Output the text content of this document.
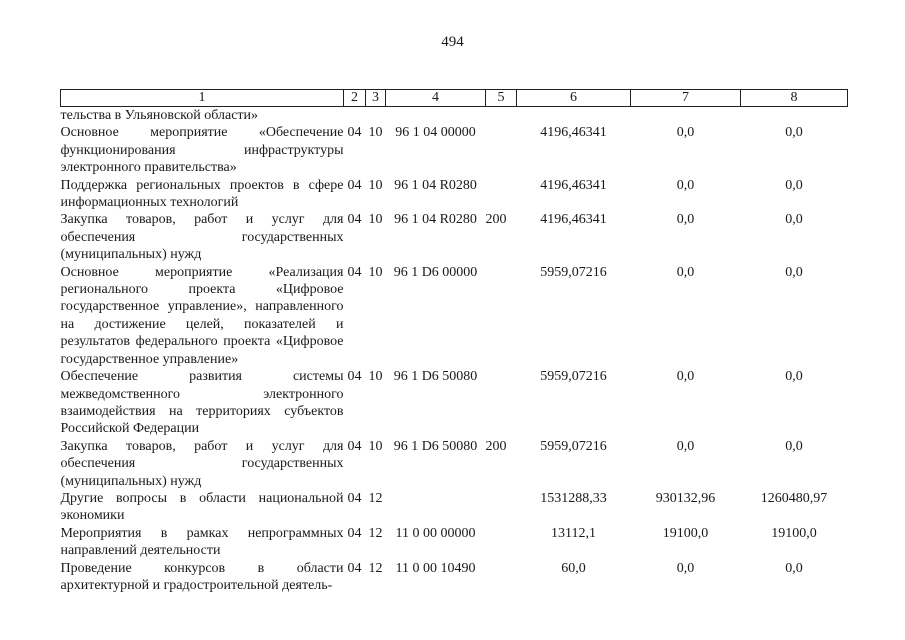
494
1	2	3	4	5	6	7	8
тельства в Ульяновской области»							
Основное мероприятие «Обеспечение функционирования инфраструктуры электронного правительства»	04	10	96 1 04 00000		4196,46341	0,0	0,0
Поддержка региональных проектов в сфере информационных технологий	04	10	96 1 04 R0280		4196,46341	0,0	0,0
Закупка товаров, работ и услуг для обеспечения государственных (муниципальных) нужд	04	10	96 1 04 R0280	200	4196,46341	0,0	0,0
Основное мероприятие «Реализация регионального проекта «Цифровое государственное управление», направленного на достижение целей, показателей и результатов федерального проекта «Цифровое государственное управление»	04	10	96 1 D6 00000		5959,07216	0,0	0,0
Обеспечение развития системы межведомственного электронного взаимодействия на территориях субъектов Российской Федерации	04	10	96 1 D6 50080		5959,07216	0,0	0,0
Закупка товаров, работ и услуг для обеспечения государственных (муниципальных) нужд	04	10	96 1 D6 50080	200	5959,07216	0,0	0,0
Другие вопросы в области национальной экономики	04	12			1531288,33	930132,96	1260480,97
Мероприятия в рамках непрограммных направлений деятельности	04	12	11 0 00 00000		13112,1	19100,0	19100,0
Проведение конкурсов в области архитектурной и градостроительной деятель-	04	12	11 0 00 10490		60,0	0,0	0,0
